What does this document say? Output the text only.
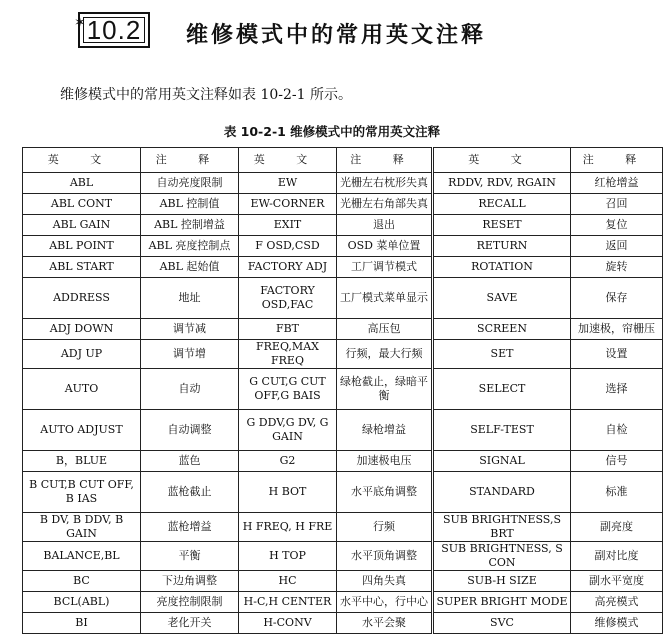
✶ 10.2	维修模式中的常用英文注释
维修模式中的常用英文注释如表 10-2-1 所示。
表 10-2-1 维修模式中的常用英文注释
英 文	注 释	英 文	注 释	英 文	注 释
ABL	自动亮度限制	EW	光栅左右枕形失真	RDDV, RDV, RGAIN	红枪增益
ABL CONT	ABL 控制值	EW-CORNER	光栅左右角部失真	RECALL	召回
ABL GAIN	ABL 控制增益	EXIT	退出	RESET	复位
ABL POINT	ABL 亮度控制点	F OSD,CSD	OSD 菜单位置	RETURN	返回
ABL START	ABL 起始值	FACTORY ADJ	工厂调节模式	ROTATION	旋转
ADDRESS	地址	FACTORY OSD,FAC	工厂模式菜单显示	SAVE	保存
ADJ DOWN	调节减	FBT	高压包	SCREEN	加速极，帘栅压
ADJ UP	调节增	FREQ,MAX FREQ	行频，最大行频	SET	设置
AUTO	自动	G CUT,G CUT OFF,G BAIS	绿枪截止，绿暗平衡	SELECT	选择
AUTO ADJUST	自动调整	G DDV,G DV, G GAIN	绿枪增益	SELF-TEST	自检
B，BLUE	蓝色	G2	加速极电压	SIGNAL	信号
B CUT,B CUT OFF, B IAS	蓝枪截止	H BOT	水平底角调整	STANDARD	标准
B DV, B DDV, B GAIN	蓝枪增益	H FREQ, H FRE	行频	SUB BRIGHTNESS,S BRT	副亮度
BALANCE,BL	平衡	H TOP	水平顶角调整	SUB BRIGHTNESS, S CON	副对比度
BC	下边角调整	HC	四角失真	SUB-H SIZE	副水平宽度
BCL(ABL)	亮度控制限制	H-C,H CENTER	水平中心，行中心	SUPER BRIGHT MODE	高亮模式
BI	老化开关	H-CONV	水平会聚	SVC	维修模式
